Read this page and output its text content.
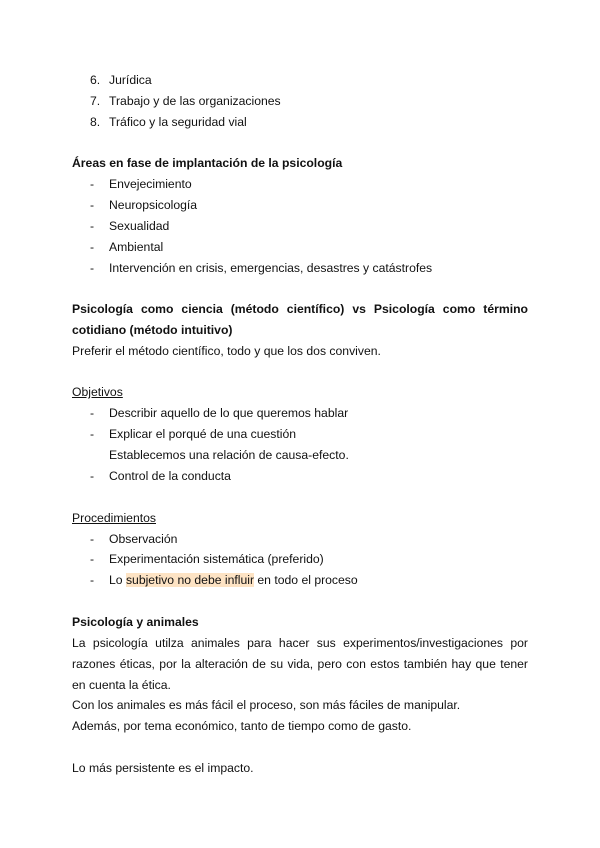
6. Jurídica
7. Trabajo y de las organizaciones
8. Tráfico y la seguridad vial
Áreas en fase de implantación de la psicología
- Envejecimiento
- Neuropsicología
- Sexualidad
- Ambiental
- Intervención en crisis, emergencias, desastres y catástrofes
Psicología como ciencia (método científico) vs Psicología como término
cotidiano (método intuitivo)
Preferir el método científico, todo y que los dos conviven.
Objetivos
- Describir aquello de lo que queremos hablar
- Explicar el porqué de una cuestión
Establecemos una relación de causa-efecto.
- Control de la conducta
Procedimientos
- Observación
- Experimentación sistemática (preferido)
- Lo subjetivo no debe influir en todo el proceso
Psicología y animales
La psicología utilza animales para hacer sus experimentos/investigaciones por
razones éticas, por la alteración de su vida, pero con estos también hay que tener
en cuenta la ética.
Con los animales es más fácil el proceso, son más fáciles de manipular.
Además, por tema económico, tanto de tiempo como de gasto.
Lo más persistente es el impacto.
